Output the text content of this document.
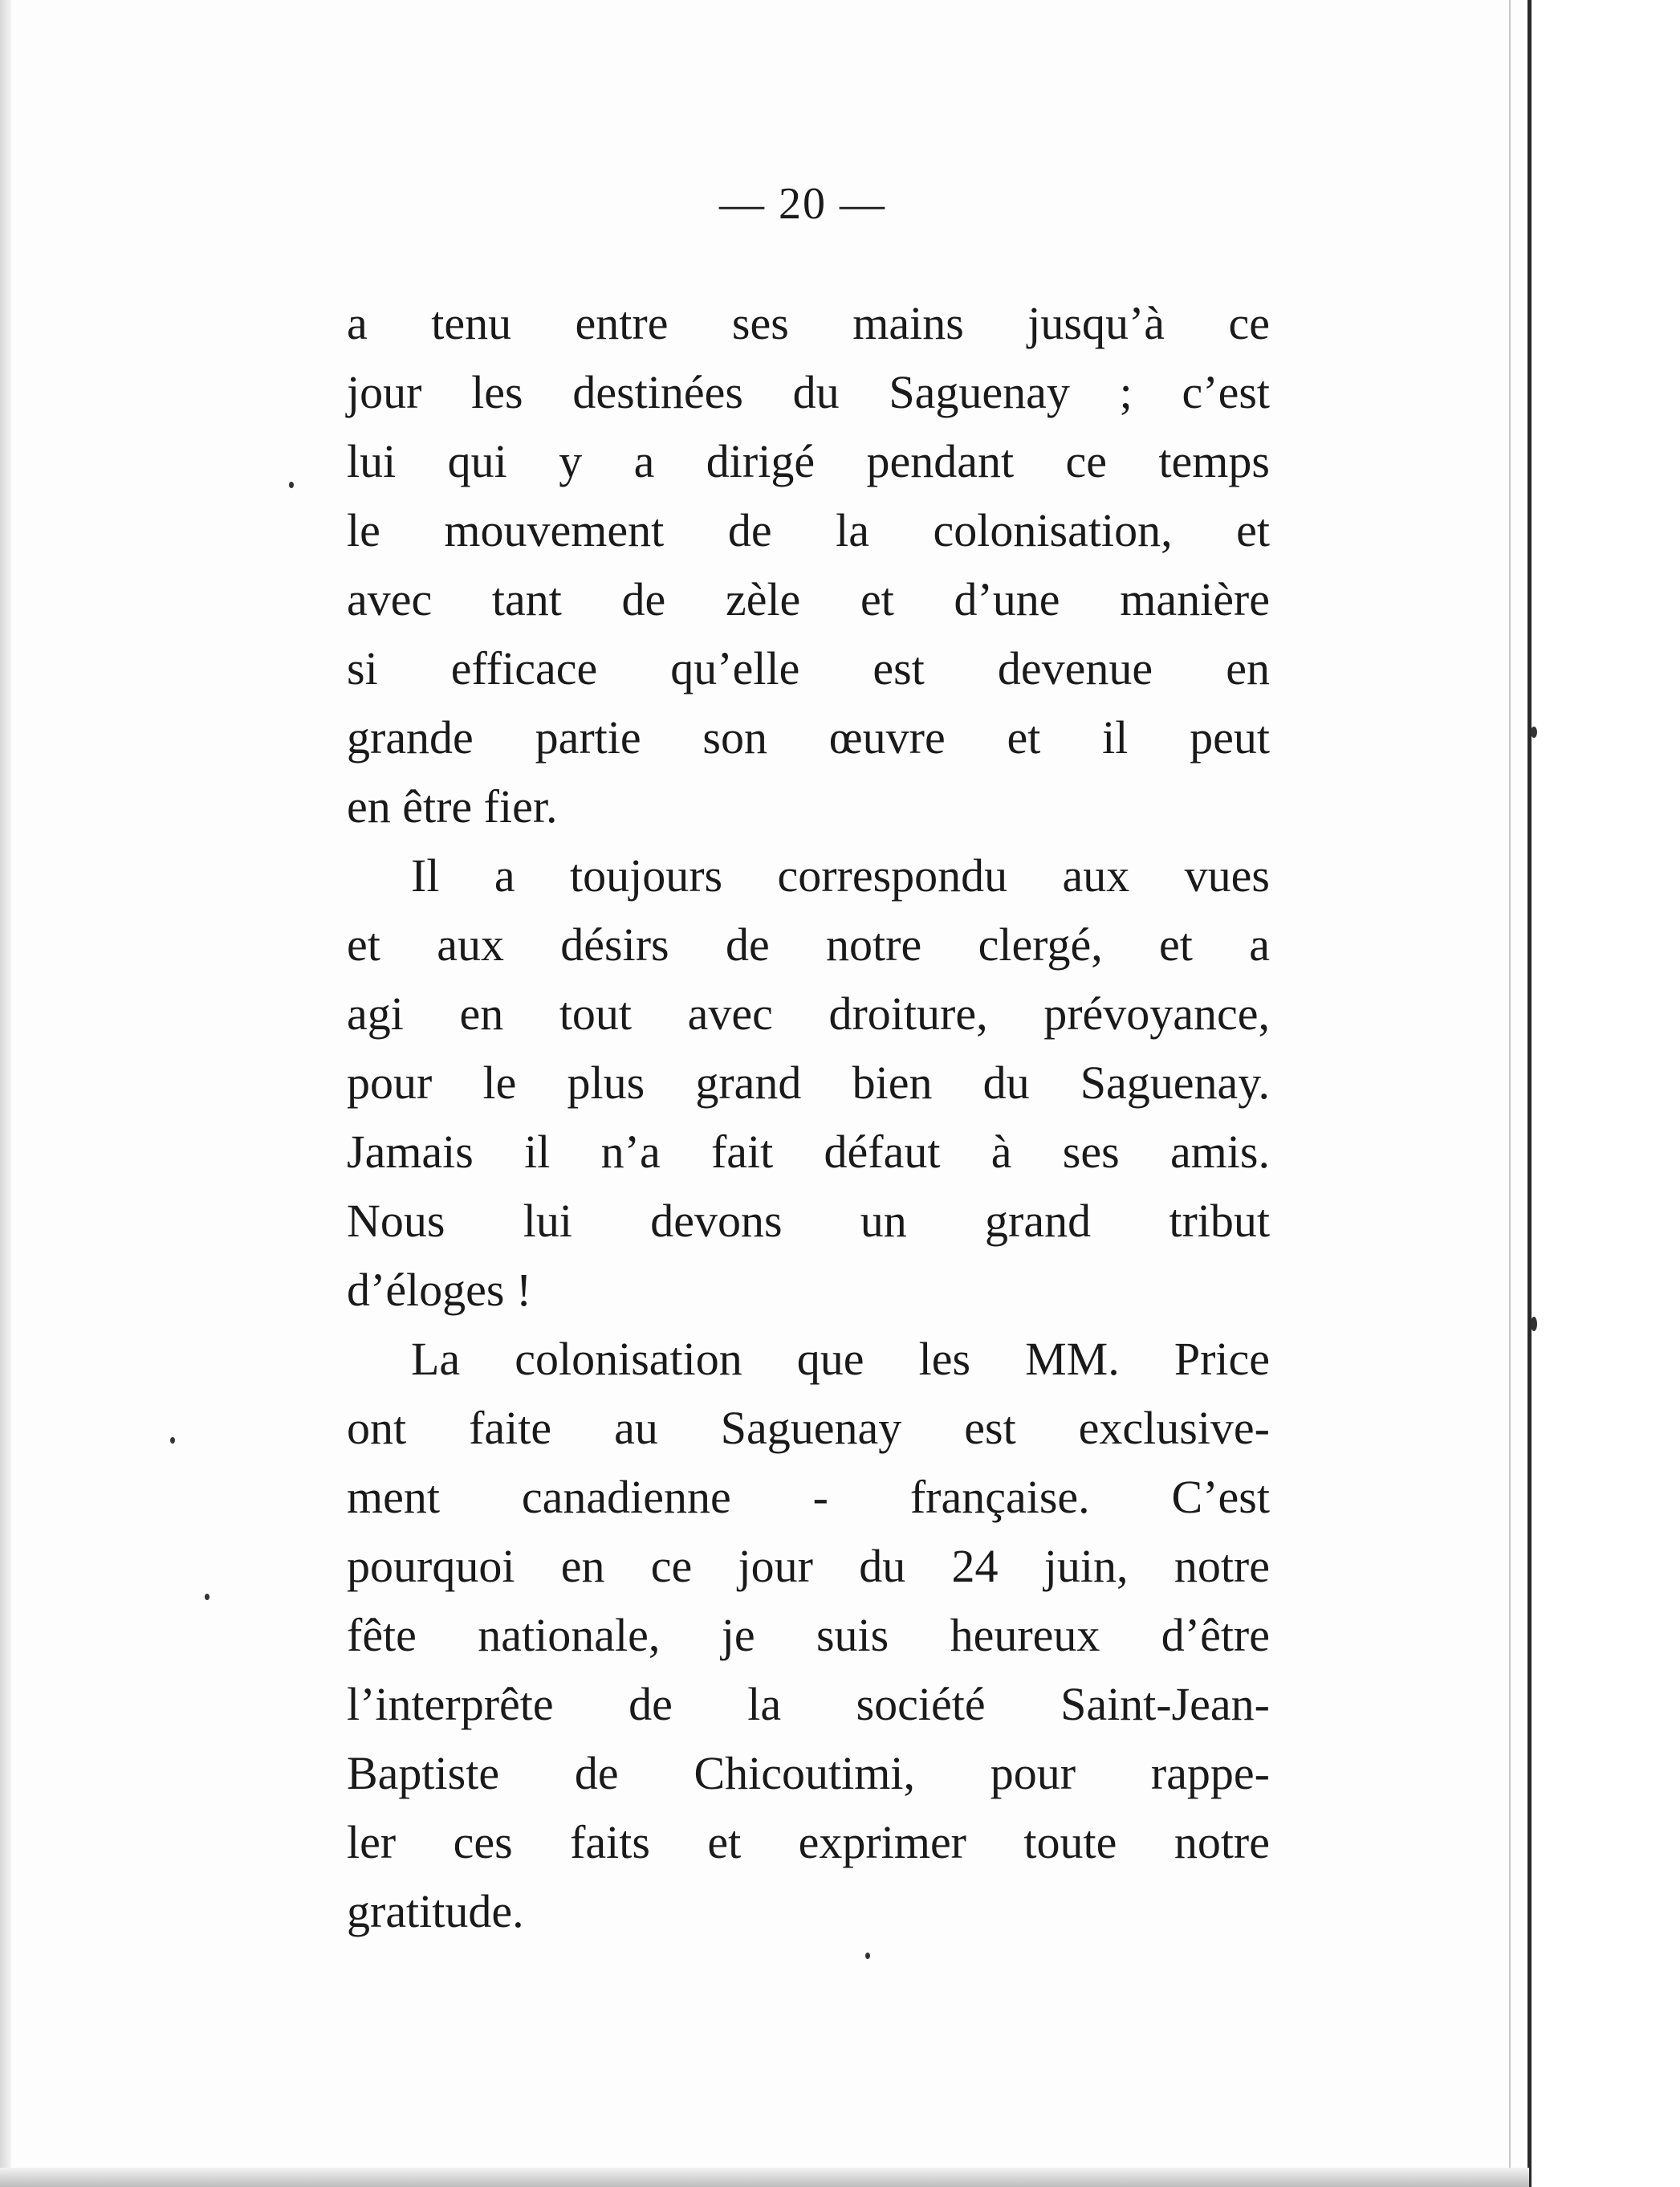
— 20 —
a tenu entre ses mains jusqu’à ce
jour les destinées du Saguenay ; c’est
lui qui y a dirigé pendant ce temps
le mouvement de la colonisation, et
avec tant de zèle et d’une manière
si efficace qu’elle est devenue en
grande partie son œuvre et il peut
en être fier.
Il a toujours correspondu aux vues
et aux désirs de notre clergé, et a
agi en tout avec droiture, prévoyance,
pour le plus grand bien du Saguenay.
Jamais il n’a fait défaut à ses amis.
Nous lui devons un grand tribut
d’éloges !
La colonisation que les MM. Price
ont faite au Saguenay est exclusive-
ment canadienne - française. C’est
pourquoi en ce jour du 24 juin, notre
fête nationale, je suis heureux d’être
l’interprête de la société Saint-Jean-
Baptiste de Chicoutimi, pour rappe-
ler ces faits et exprimer toute notre
gratitude.
